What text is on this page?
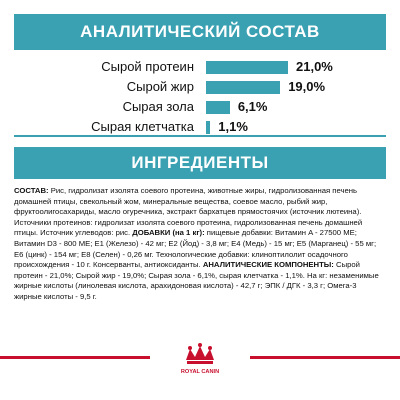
АНАЛИТИЧЕСКИЙ СОСТАВ
Сырой протеин	21,0%
Сырой жир	19,0%
Сырая зола	6,1%
Сырая клетчатка 1,1%
ИНГРЕДИЕНТЫ
СОСТАВ: Рис, гидролизат изолята соевого протеина, животные жиры, гидролизованная печень домашней птицы, свекольный жом, минеральные вещества, соевое масло, рыбий жир, фруктоолигосахариды, масло огуречника, экстракт бархатцев прямостоячих (источник лютеина). Источники протеинов: гидролизат изолята соевого протеина, гидролизованная печень домашней птицы. Источник углеводов: рис. ДОБАВКИ (на 1 кг): пищевые добавки: Витамин A - 27500 МЕ; Витамин D3 - 800 МЕ; E1 (Железо) - 42 мг; E2 (Йод) - 3,8 мг; E4 (Медь) - 15 мг; E5 (Марганец) - 55 мг; E6 (цинк) - 154 мг; E8 (Селен) - 0,26 мг. Технологические добавки: клиноптилолит осадочного происхождения - 10 г. Консерванты, антиоксиданты. АНАЛИТИЧЕСКИЕ КОМПОНЕНТЫ: Сырой протеин - 21,0%; Сырой жир - 19,0%; Сырая зола - 6,1%, сырая клетчатка - 1,1%. На кг: незаменимые жирные кислоты (линолевая кислота, арахидоновая кислота) - 42,7 г; ЭПК / ДГК - 3,3 г; Омега-3 жирные кислоты - 9,5 г.
ROYAL CANIN
